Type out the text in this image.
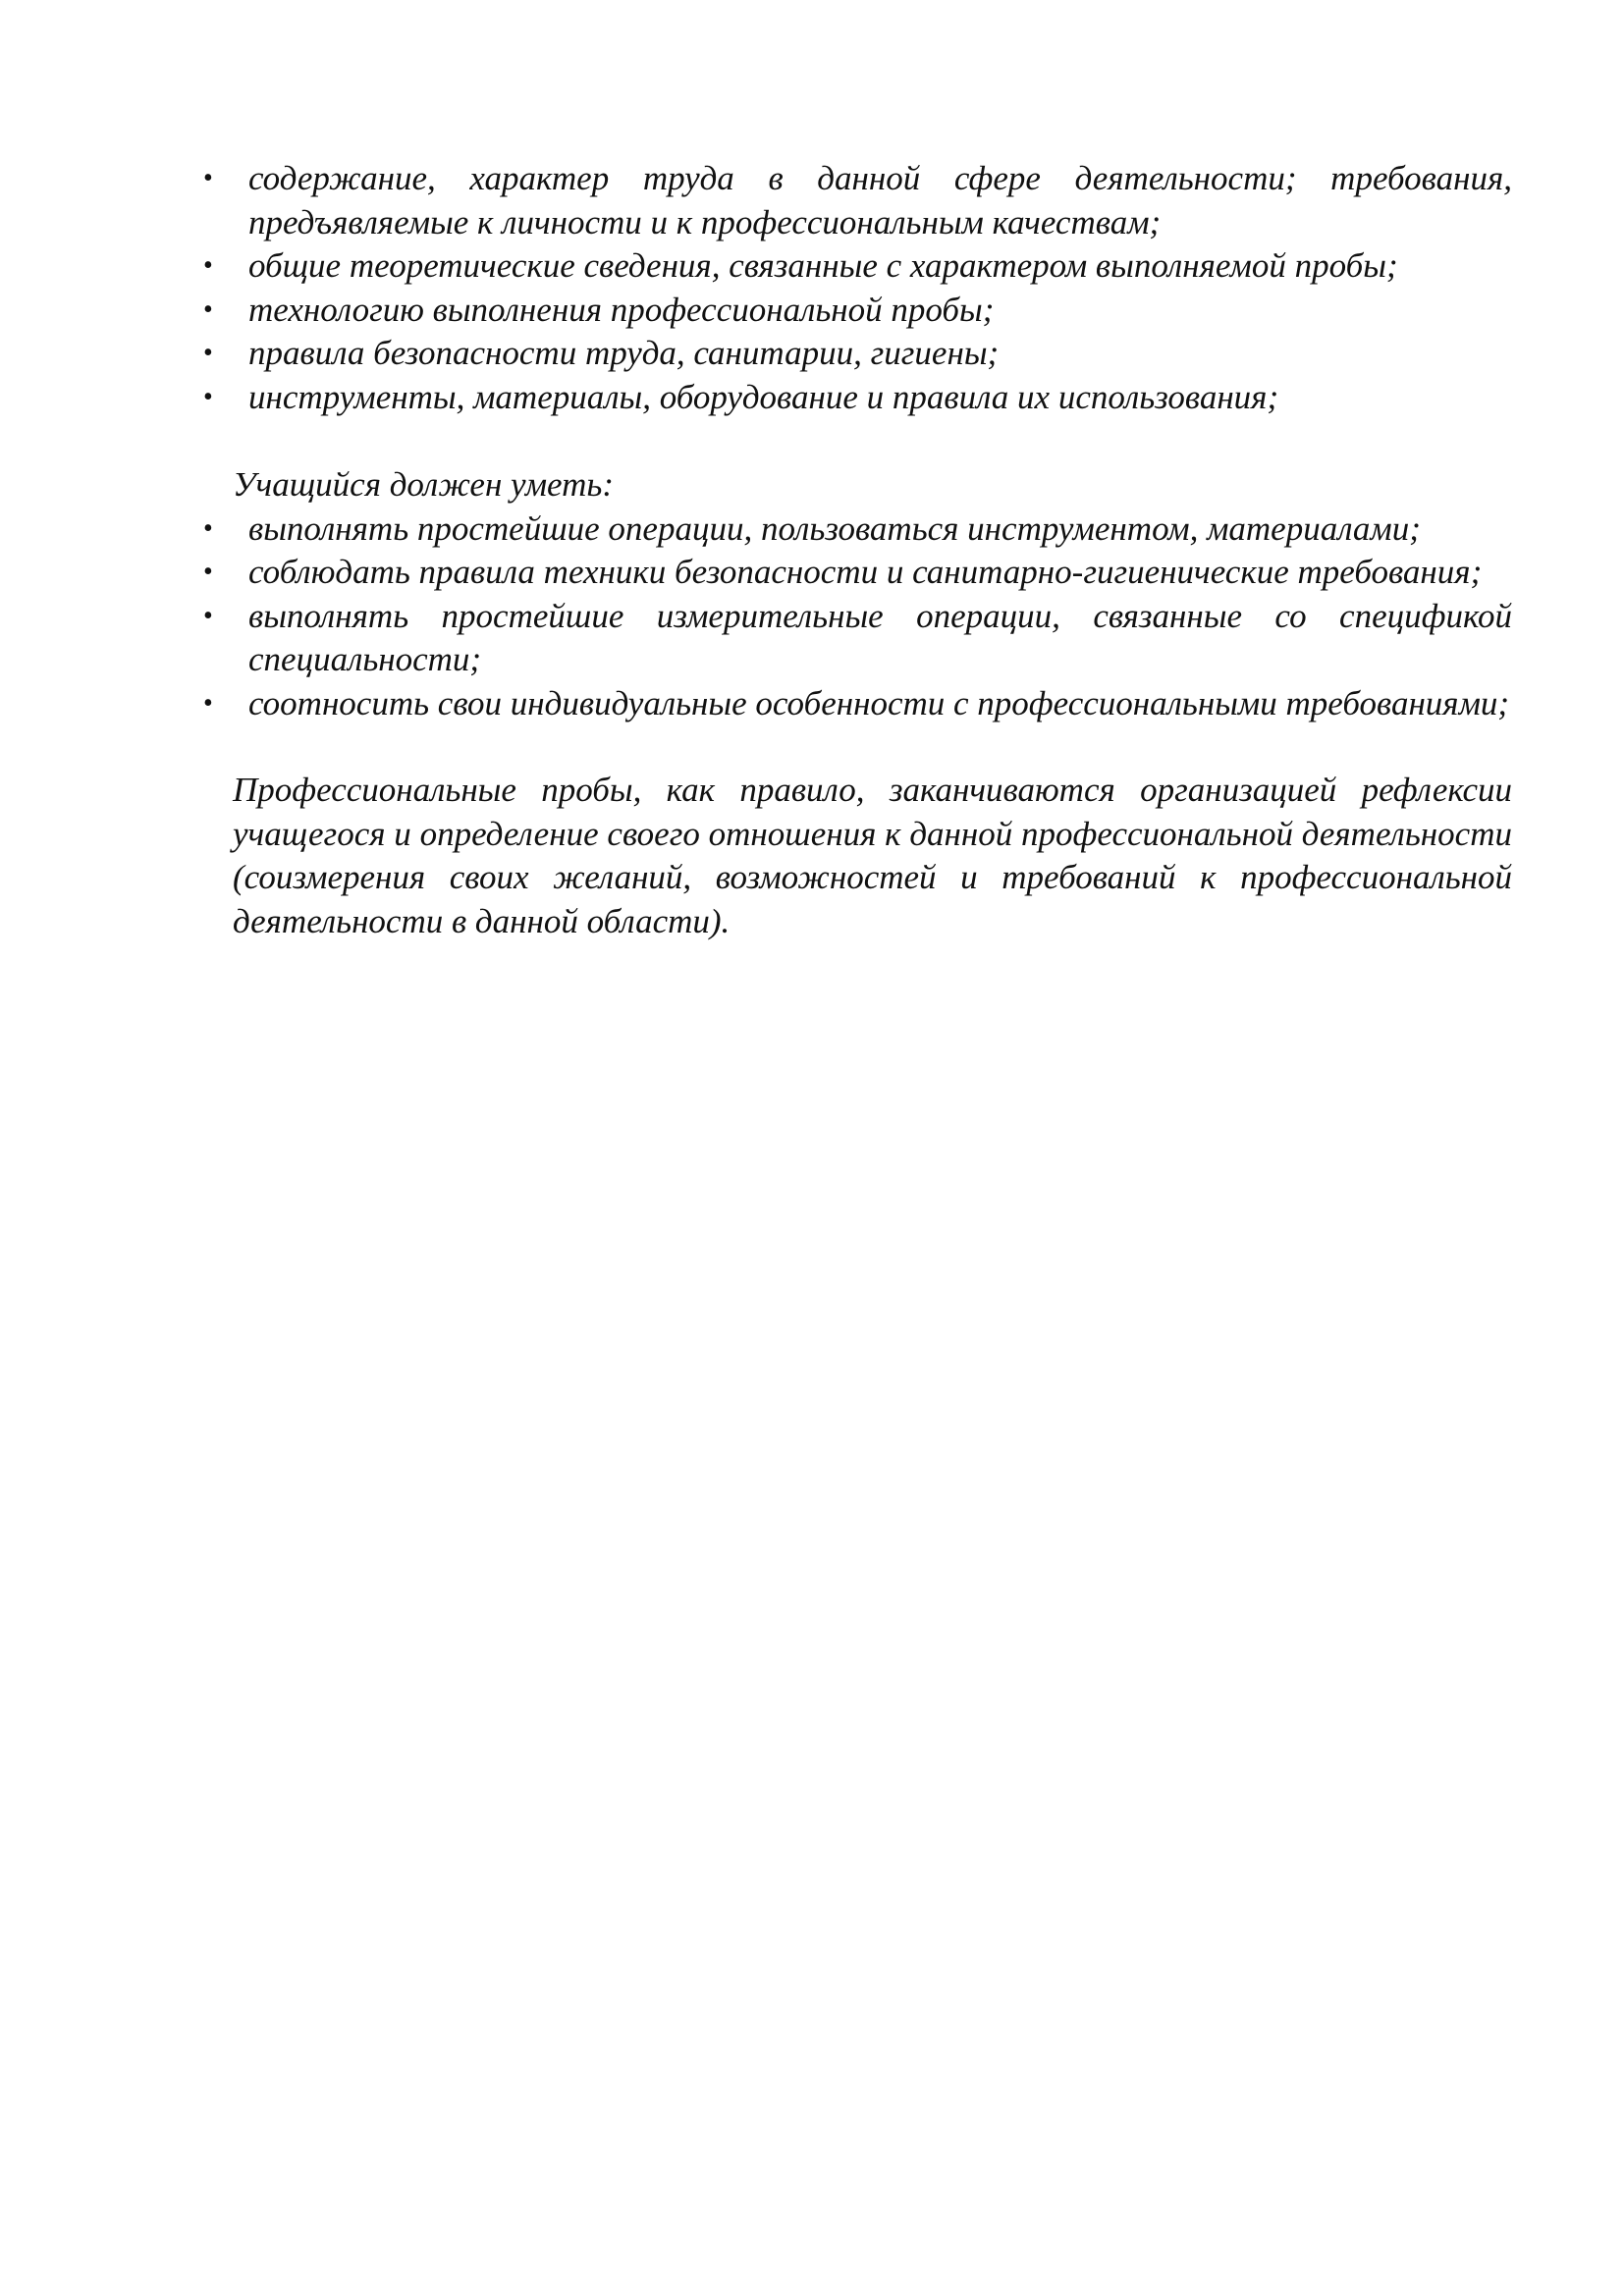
• содержание, характер труда в данной сфере деятельности; требования, предъявляемые к личности и к профессиональным качествам;
• общие теоретические сведения, связанные с характером выполняемой пробы;
• технологию выполнения профессиональной пробы;
• правила безопасности труда, санитарии, гигиены;
• инструменты, материалы, оборудование и правила их использования;
Учащийся должен уметь:
• выполнять простейшие операции, пользоваться инструментом, материалами;
• соблюдать правила техники безопасности и санитарно-гигиенические требования;
• выполнять простейшие измерительные операции, связанные со спецификой специальности;
• соотносить свои индивидуальные особенности с профессиональными требованиями;
Профессиональные пробы, как правило, заканчиваются организацией рефлексии учащегося и определение своего отношения к данной профессиональной деятельности (соизмерения своих желаний, возможностей и требований к профессиональной деятельности в данной области).
